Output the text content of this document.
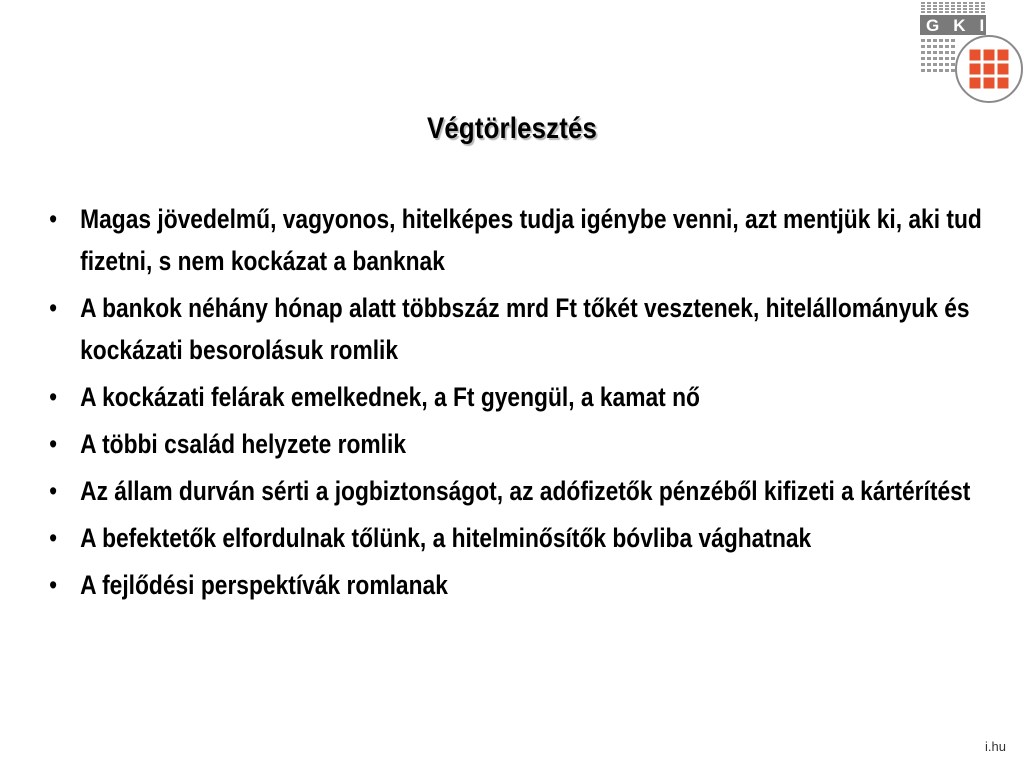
GKI
Végtörlesztés
• Magas jövedelmű, vagyonos, hitelképes tudja igénybe venni, azt mentjük ki, aki tud fizetni, s nem kockázat a banknak
• A bankok néhány hónap alatt többszáz mrd Ft tőkét vesztenek, hitelállományuk és kockázati besorolásuk romlik
• A kockázati felárak emelkednek, a Ft gyengül, a kamat nő
• A többi család helyzete romlik
• Az állam durván sérti a jogbiztonságot, az adófizetők pénzéből kifizeti a kártérítést
• A befektetők elfordulnak tőlünk, a hitelminősítők bóvliba vághatnak
• A fejlődési perspektívák romlanak
i.hu
